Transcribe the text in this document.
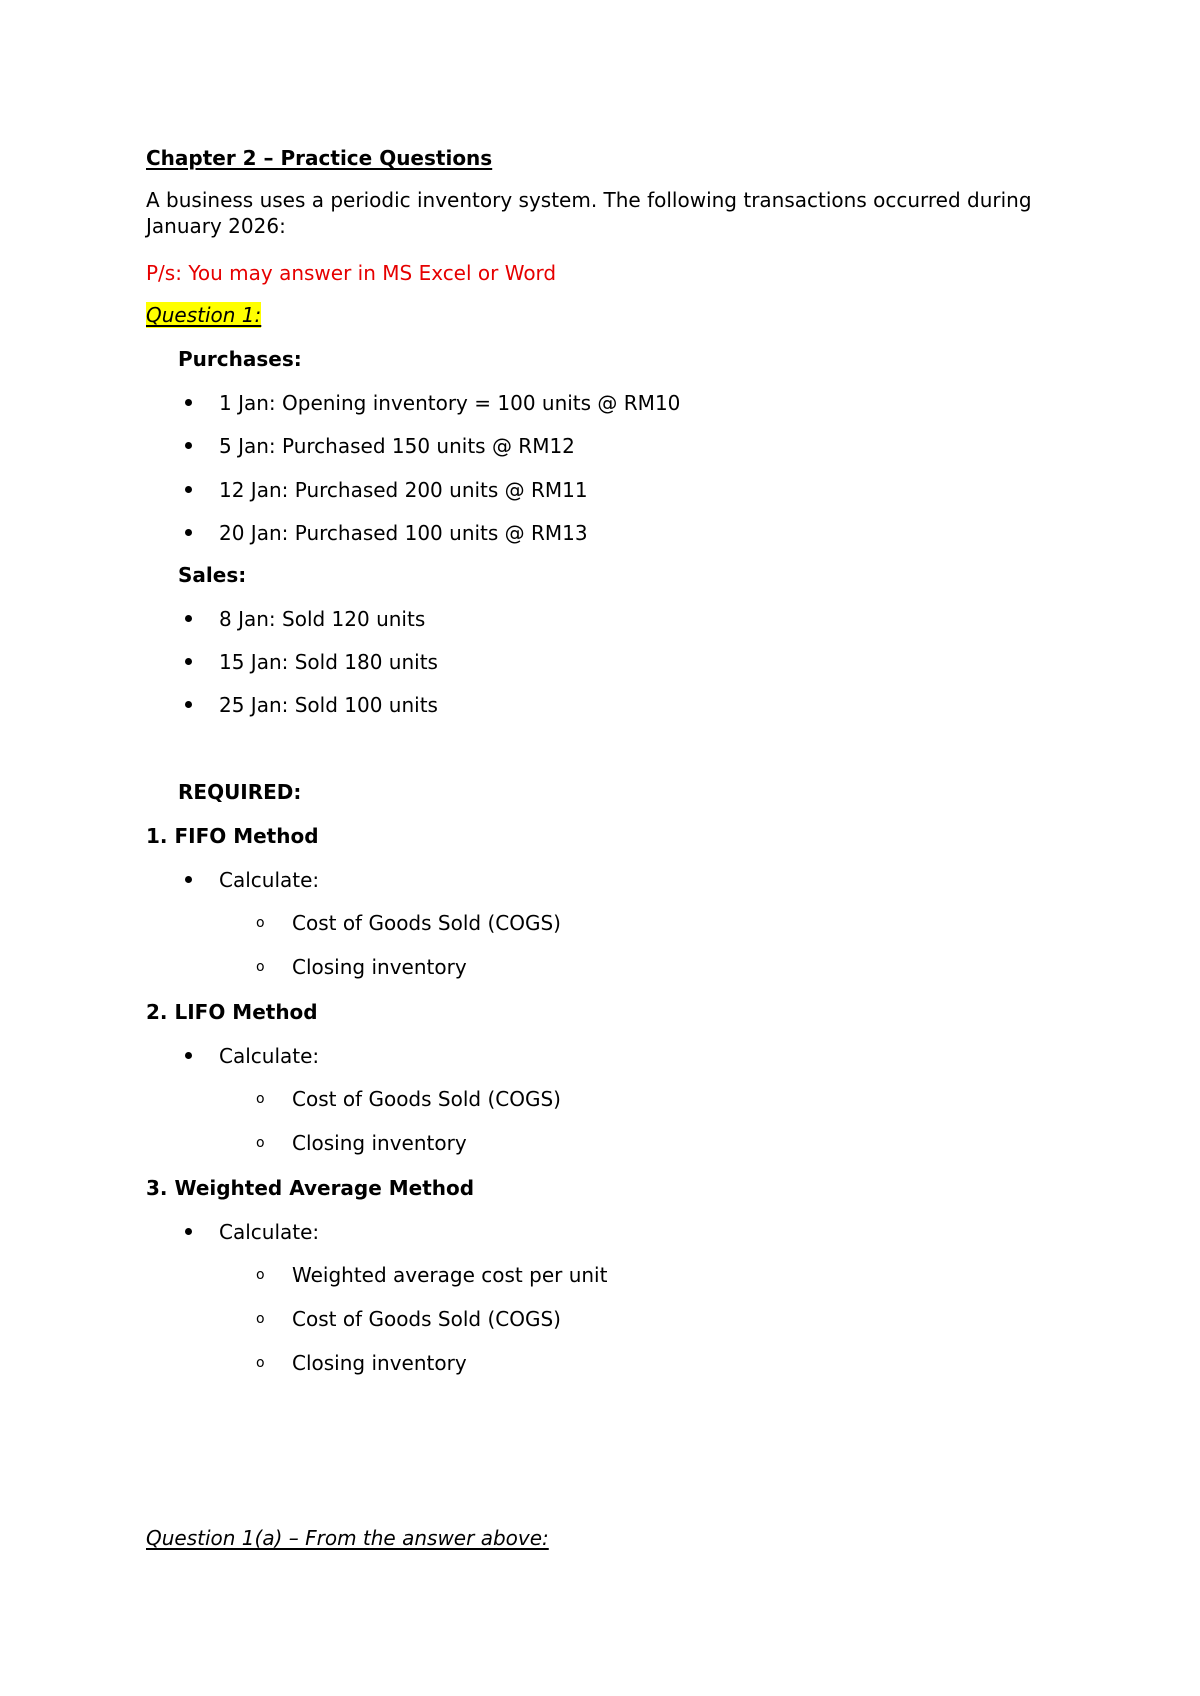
Chapter 2 – Practice Questions
A business uses a periodic inventory system. The following transactions occurred during January 2026:
P/s: You may answer in MS Excel or Word
Question 1:
Purchases:
1 Jan: Opening inventory = 100 units @ RM10
5 Jan: Purchased 150 units @ RM12
12 Jan: Purchased 200 units @ RM11
20 Jan: Purchased 100 units @ RM13
Sales:
8 Jan: Sold 120 units
15 Jan: Sold 180 units
25 Jan: Sold 100 units
REQUIRED:
1. FIFO Method
Calculate:
o Cost of Goods Sold (COGS)
o Closing inventory
2. LIFO Method
Calculate:
o Cost of Goods Sold (COGS)
o Closing inventory
3. Weighted Average Method
Calculate:
o Weighted average cost per unit
o Cost of Goods Sold (COGS)
o Closing inventory
Question 1(a) – From the answer above:
